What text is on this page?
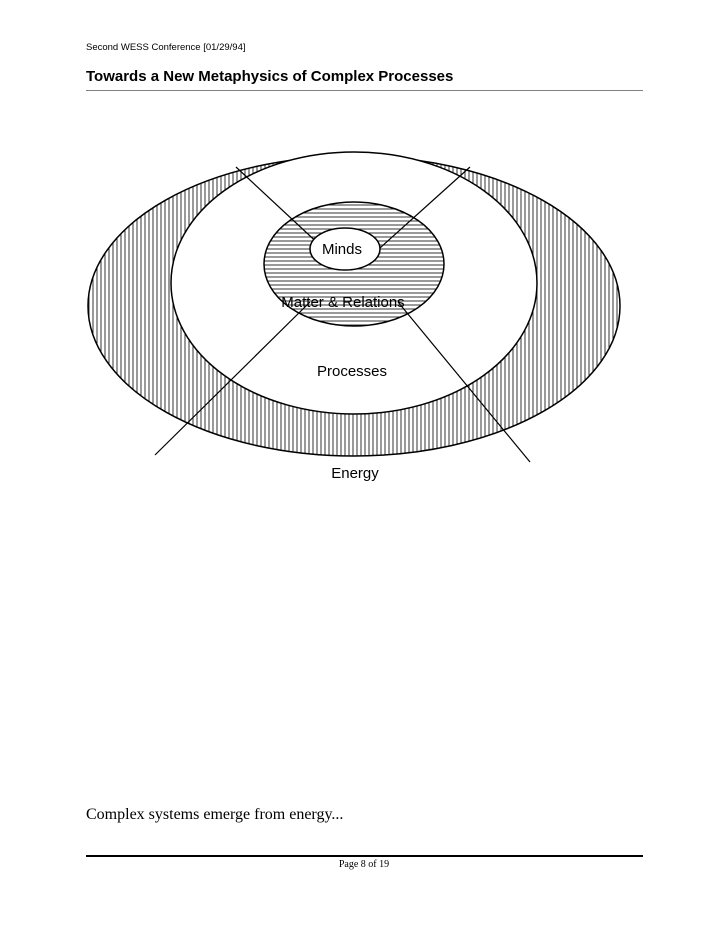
Second WESS Conference [01/29/94]
Towards a New Metaphysics of Complex Processes
Minds
Matter & Relations
Processes
Energy
Complex systems emerge from energy...
Page 8 of 19
